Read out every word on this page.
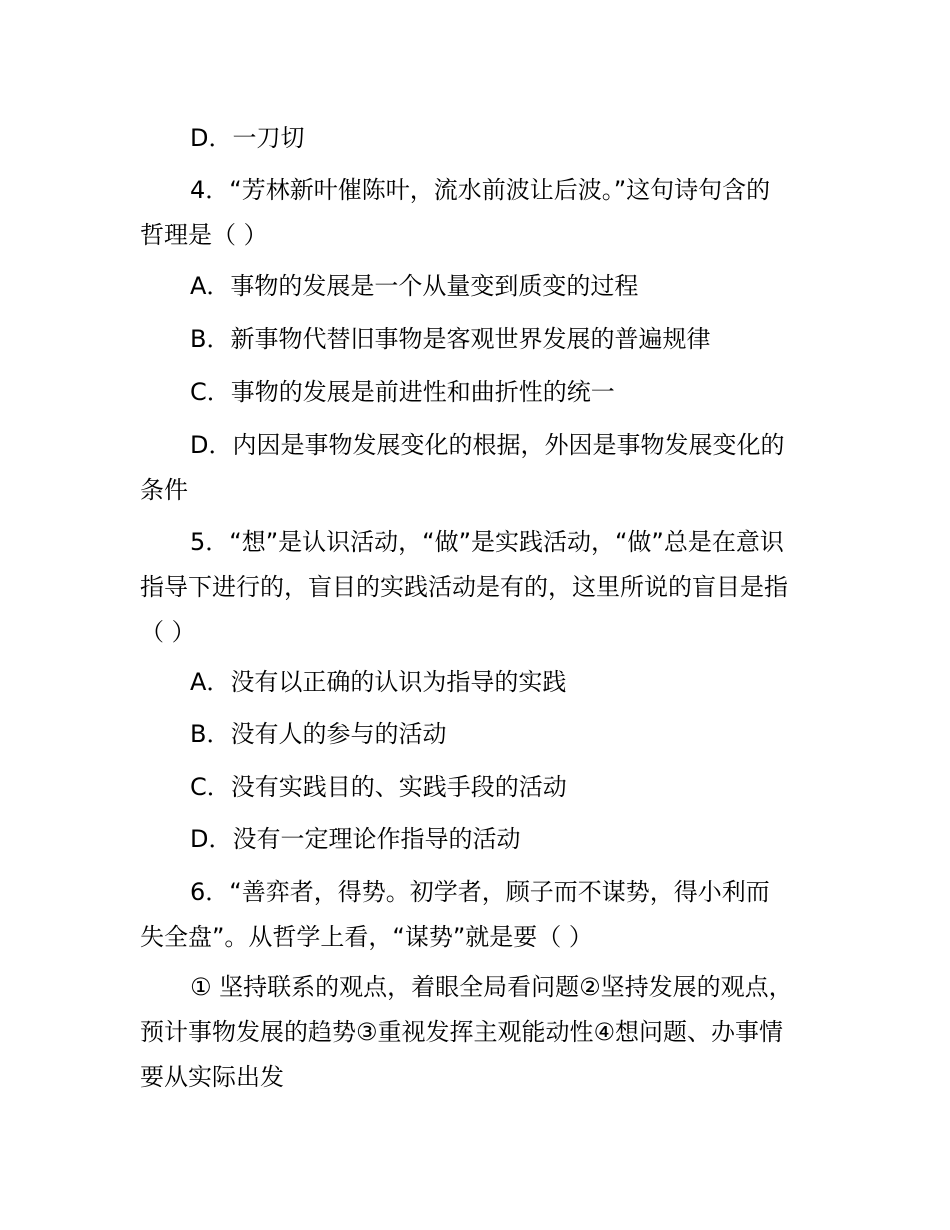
D．一刀切
4．“芳林新叶催陈叶，流水前波让后波。”这句诗句含的
哲理是（ ）
A．事物的发展是一个从量变到质变的过程
B．新事物代替旧事物是客观世界发展的普遍规律
C．事物的发展是前进性和曲折性的统一
D．内因是事物发展变化的根据，外因是事物发展变化的
条件
5．“想”是认识活动，“做”是实践活动，“做”总是在意识
指导下进行的，盲目的实践活动是有的，这里所说的盲目是指
（ ）
A．没有以正确的认识为指导的实践
B．没有人的参与的活动
C．没有实践目的、实践手段的活动
D．没有一定理论作指导的活动
6．“善弈者，得势。初学者，顾子而不谋势，得小利而
失全盘”。从哲学上看，“谋势”就是要（ ）
① 坚持联系的观点，着眼全局看问题②坚持发展的观点，
预计事物发展的趋势③重视发挥主观能动性④想问题、办事情
要从实际出发
